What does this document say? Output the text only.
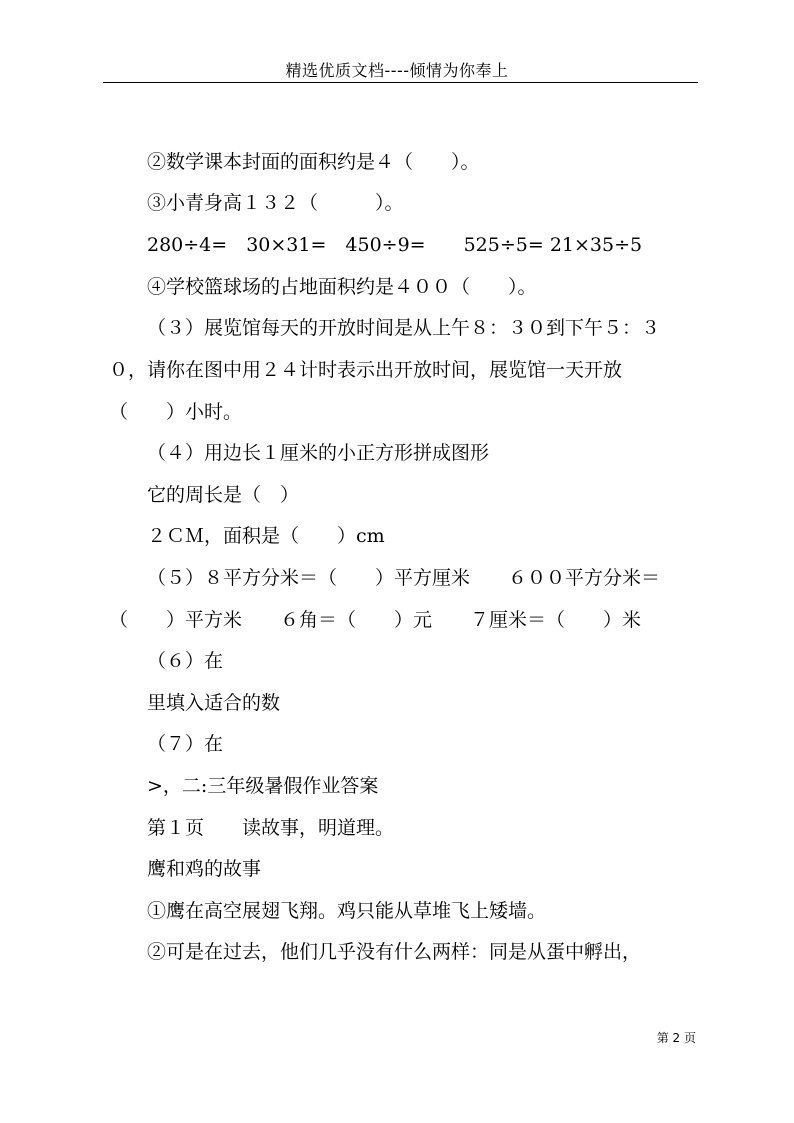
精选优质文档----倾情为你奉上
②数学课本封面的面积约是４（　　）。
③小青身高１３２（　　　）。
280÷4=　30×31=　450÷9=　　525÷5= 21×35÷5
④学校篮球场的占地面积约是４００（　　）。
（３）展览馆每天的开放时间是从上午８：３０到下午５：３
０，请你在图中用２４计时表示出开放时间，展览馆一天开放
（　　）小时。
（４）用边长１厘米的小正方形拼成图形
它的周长是（　）
２ＣＭ，面积是（　　）cm
（５）８平方分米＝（　　）平方厘米　　６００平方分米＝
（　　）平方米　　６角＝（　　）元　　７厘米＝（　　）米
（６）在
里填入适合的数
（７）在
>，二:三年级暑假作业答案
第１页　　读故事，明道理。
鹰和鸡的故事
①鹰在高空展翅飞翔。鸡只能从草堆飞上矮墙。
②可是在过去，他们几乎没有什么两样：同是从蛋中孵出，
第 2 页
